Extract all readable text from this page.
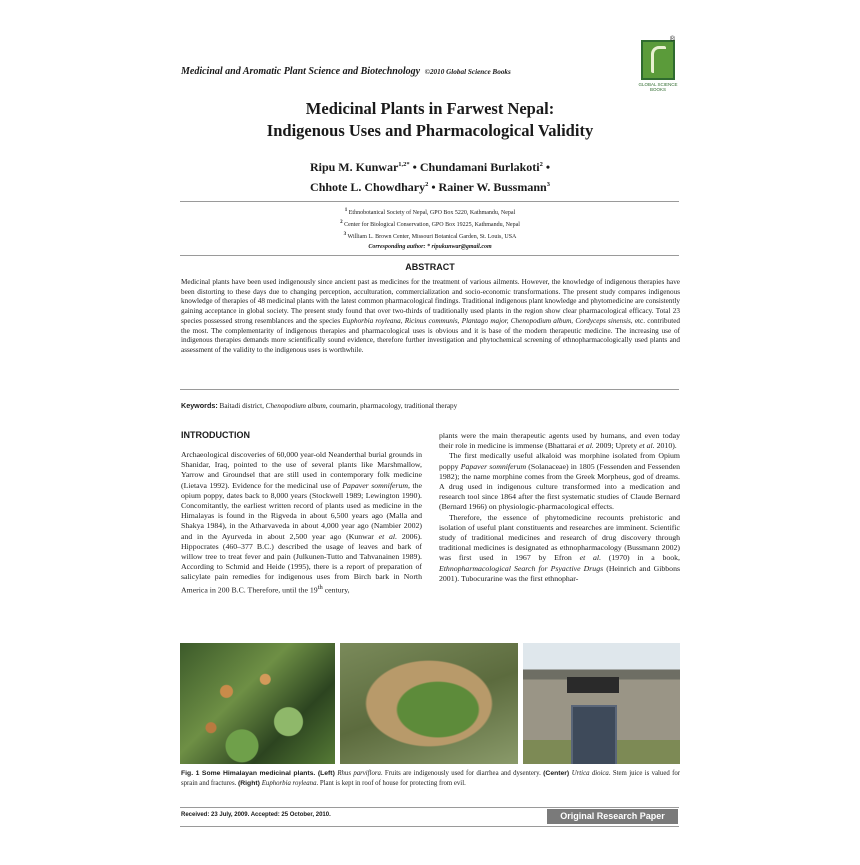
Medicinal and Aromatic Plant Science and Biotechnology ©2010 Global Science Books
®
GLOBAL SCIENCE
BOOKS
Medicinal Plants in Farwest Nepal:
Indigenous Uses and Pharmacological Validity
Ripu M. Kunwar$^{1,2*}$ • Chundamani Burlakoti$^2$ •
Chhote L. Chowdhary$^2$ • Rainer W. Bussmann$^3$
$^1$ Ethnobotanical Society of Nepal, GPO Box 5220, Kathmandu, Nepal
$^2$ Center for Biological Conservation, GPO Box 19225, Kathmandu, Nepal
$^3$ William L. Brown Center, Missouri Botanical Garden, St. Louis, USA
Corresponding author: * ripukunwar@gmail.com
ABSTRACT
Medicinal plants have been used indigenously since ancient past as medicines for the treatment of various ailments. However, the knowledge of indigenous therapies have been distorting to these days due to changing perception, acculturation, commercialization and socio-economic transformations. The present study compares indigenous knowledge of therapies of 48 medicinal plants with the latest common pharmacological findings. Traditional indigenous plant knowledge and phytomedicine are consistently gaining acceptance in global society. The present study found that over two-thirds of traditionally used plants in the region show clear pharmacological efficacy. Total 23 species possessed strong resemblances and the species Euphorbia royleana, Ricinus communis, Plantago major, Chenopodium album, Cordyceps sinensis, etc. contributed the most. The complementarity of indigenous therapies and pharmacological uses is obvious and it is base of the modern therapeutic medicine. The increasing use of indigenous therapies demands more scientifically sound evidence, therefore further investigation and phytochemical screening of ethnopharmacologically used plants and assessment of the validity to the indigenous uses is worthwhile.
Keywords: Baitadi district, Chenopodium album, coumarin, pharmacology, traditional therapy
INTRODUCTION

Archaeological discoveries of 60,000 year-old Neanderthal burial grounds in Shanidar, Iraq, pointed to the use of several plants like Marshmallow, Yarrow and Groundsel that are still used in contemporary folk medicine (Lietava 1992). Evidence for the medicinal use of Papaver somniferum, the opium poppy, dates back to 8,000 years (Stockwell 1989; Lewington 1990). Concomitantly, the earliest written record of plants used as medicine in the Himalayas is found in the Rigveda in about 6,500 years ago (Malla and Shakya 1984), in the Atharvaveda in about 4,000 year ago (Nambier 2002) and in the Ayurveda in about 2,500 year ago (Kunwar et al. 2006). Hippocrates (460–377 B.C.) described the usage of leaves and bark of willow tree to treat fever and pain (Julkunen-Tutto and Tahvanainen 1989). According to Schmid and Heide (1995), there is a report of preparation of salicylate pain remedies for indigenous uses from Birch bark in North America in 200 B.C. Therefore, until the 19th century,

plants were the main therapeutic agents used by humans, and even today their role in medicine is immense (Bhattarai et al. 2009; Uprety et al. 2010).

The first medically useful alkaloid was morphine isolated from Opium poppy Papaver somniferum (Solanaceae) in 1805 (Fessenden and Fessenden 1982); the name morphine comes from the Greek Morpheus, god of dreams. A drug used in indigenous culture transformed into a medication and research tool since 1864 after the first systematic studies of Claude Bernard (Bernard 1966) on physiologic-pharmacological effects.

Therefore, the essence of phytomedicine recounts prehistoric and isolation of useful plant constituents and researches are imminent. Scientific study of traditional medicines and research of drug discovery through traditional medicines is designated as ethnopharmacology (Bussmann 2002) was first used in 1967 by Efron et al. (1970) in a book, Ethnopharmacological Search for Psyactive Drugs (Heinrich and Gibbons 2001). Tubocurarine was the first ethnophar-

Fig. 1 Some Himalayan medicinal plants. (Left) Rhus parviflora. Fruits are indigenously used for diarrhea and dysentery. (Center) Urtica dioica. Stem juice is valued for sprain and fractures. (Right) Euphorbia royleana. Plant is kept in roof of house for protecting from evil.
Received: 23 July, 2009. Accepted: 25 October, 2010.	Original Research Paper
